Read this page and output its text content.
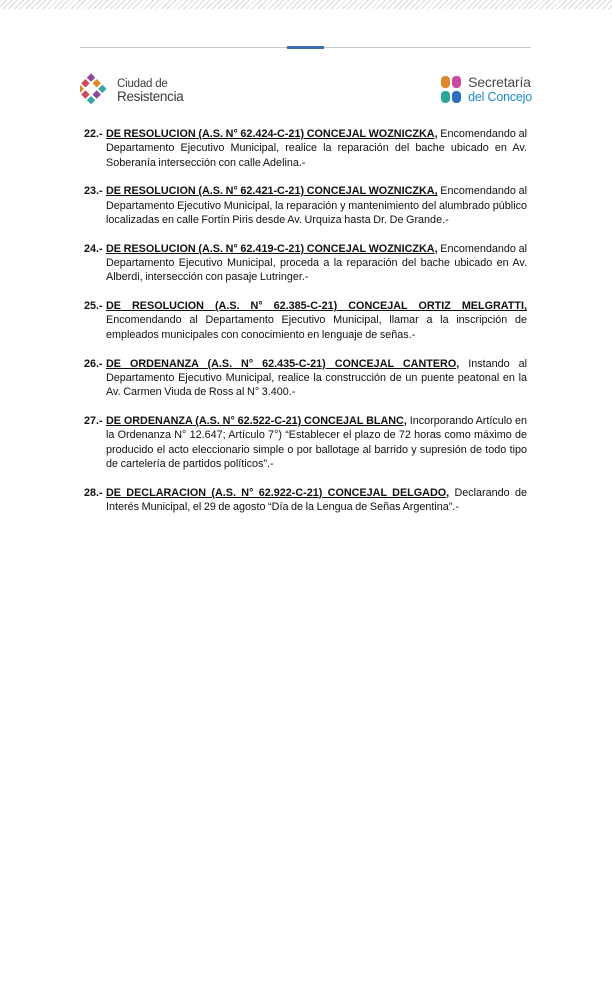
Ciudad de
Resistencia
Secretaría
del Concejo
22.- DE RESOLUCION (A.S. N° 62.424-C-21) CONCEJAL WOZNICZKA, Encomendando al Departamento Ejecutivo Municipal, realice la reparación del bache ubicado en Av. Soberanía intersección con calle Adelina.-
23.- DE RESOLUCION (A.S. N° 62.421-C-21) CONCEJAL WOZNICZKA, Encomendando al Departamento Ejecutivo Municipal, la reparación y mantenimiento del alumbrado público localizadas en calle Fortín Piris desde Av. Urquiza hasta Dr. De Grande.-
24.- DE RESOLUCION (A.S. N° 62.419-C-21) CONCEJAL WOZNICZKA, Encomendando al Departamento Ejecutivo Municipal, proceda a la reparación del bache ubicado en Av. Alberdi, intersección con pasaje Lutringer.-
25.- DE RESOLUCION (A.S. N° 62.385-C-21) CONCEJAL ORTIZ MELGRATTI, Encomendando al Departamento Ejecutivo Municipal, llamar a la inscripción de empleados municipales con conocimiento en lenguaje de señas.-
26.- DE ORDENANZA (A.S. N° 62.435-C-21) CONCEJAL CANTERO, Instando al Departamento Ejecutivo Municipal, realice la construcción de un puente peatonal en la Av. Carmen Viuda de Ross al N° 3.400.-
27.- DE ORDENANZA (A.S. N° 62.522-C-21) CONCEJAL BLANC, Incorporando Artículo en la Ordenanza N° 12.647; Artículo 7°) “Establecer el plazo de 72 horas como máximo de producido el acto eleccionario simple o por ballotage al barrido y supresión de todo tipo de cartelería de partidos políticos”.-
28.- DE DECLARACION (A.S. N° 62.922-C-21) CONCEJAL DELGADO, Declarando de Interés Municipal, el 29 de agosto “Día de la Lengua de Señas Argentina”.-
